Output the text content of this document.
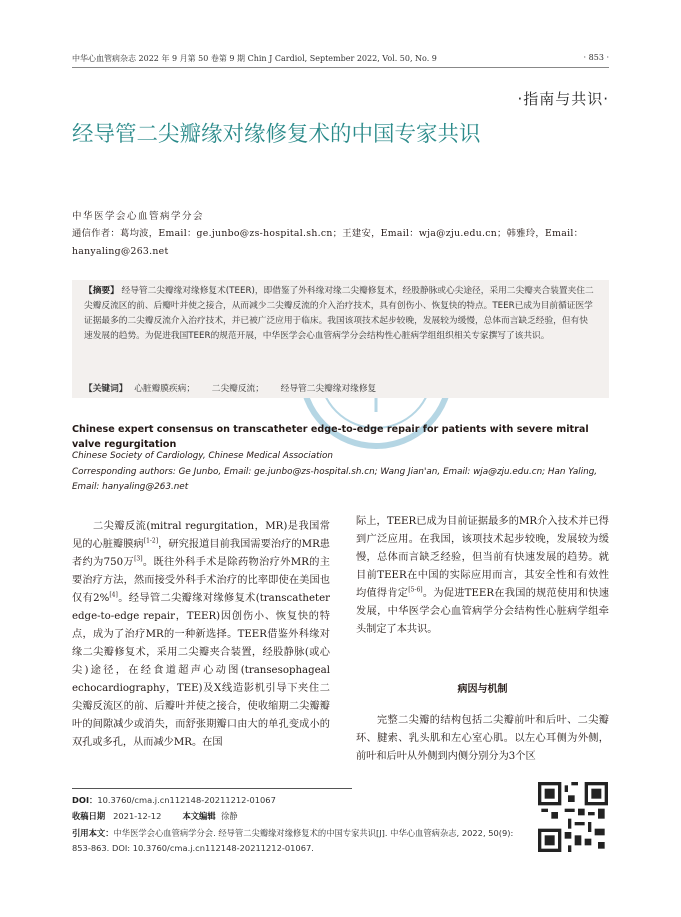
中华心血管病杂志 2022 年 9 月第 50 卷第 9 期 Chin J Cardiol, September 2022, Vol. 50, No. 9	· 853 ·
·指南与共识·
经导管二尖瓣缘对缘修复术的中国专家共识
中华医学会心血管病学分会
通信作者：葛均波，Email：ge.junbo@zs-hospital.sh.cn；王建安，Email：wja@zju.edu.cn；韩雅玲，Email：hanyaling@263.net
【摘要】 经导管二尖瓣缘对缘修复术(TEER)，即借鉴了外科缘对缘二尖瓣修复术，经股静脉或心尖途径，采用二尖瓣夹合装置夹住二尖瓣反流区的前、后瓣叶并使之接合，从而减少二尖瓣反流的介入治疗技术，具有创伤小、恢复快的特点。TEER已成为目前循证医学证据最多的二尖瓣反流介入治疗技术，并已被广泛应用于临床。我国该项技术起步较晚，发展较为缓慢，总体而言缺乏经验，但有快速发展的趋势。为促进我国TEER的规范开展，中华医学会心血管病学分会结构性心脏病学组组织相关专家撰写了该共识。
【关键词】 心脏瓣膜疾病； 二尖瓣反流； 经导管二尖瓣缘对缘修复
Chinese expert consensus on transcatheter edge-to-edge repair for patients with severe mitral valve regurgitation
Chinese Society of Cardiology, Chinese Medical Association
Corresponding authors: Ge Junbo, Email: ge.junbo@zs-hospital.sh.cn; Wang Jian'an, Email: wja@zju.edu.cn; Han Yaling, Email: hanyaling@263.net
二尖瓣反流(mitral regurgitation，MR)是我国常见的心脏瓣膜病[1-2]，研究报道目前我国需要治疗的MR患者约为750万[3]。既往外科手术是除药物治疗外MR的主要治疗方法，然而接受外科手术治疗的比率即使在美国也仅有2%[4]。经导管二尖瓣缘对缘修复术(transcatheter edge-to-edge repair，TEER)因创伤小、恢复快的特点，成为了治疗MR的一种新选择。TEER借鉴外科缘对缘二尖瓣修复术，采用二尖瓣夹合装置，经股静脉(或心尖)途径，在经食道超声心动图(transesophageal echocardiography，TEE)及X线造影机引导下夹住二尖瓣反流区的前、后瓣叶并使之接合，使收缩期二尖瓣瓣叶的间隙减少或消失，而舒张期瓣口由大的单孔变成小的双孔或多孔，从而减少MR。在国
际上，TEER已成为目前证据最多的MR介入技术并已得到广泛应用。在我国，该项技术起步较晚，发展较为缓慢，总体而言缺乏经验，但当前有快速发展的趋势。就目前TEER在中国的实际应用而言，其安全性和有效性均值得肯定[5-6]。为促进TEER在我国的规范使用和快速发展，中华医学会心血管病学分会结构性心脏病学组牵头制定了本共识。
病因与机制
完整二尖瓣的结构包括二尖瓣前叶和后叶、二尖瓣环、腱索、乳头肌和左心室心肌。以左心耳侧为外侧，前叶和后叶从外侧到内侧分别分为3个区
DOI：10.3760/cma.j.cn112148-20211212-01067
收稿日期 2021-12-12	本文编辑 徐静
引用本文：中华医学会心血管病学分会. 经导管二尖瓣缘对缘修复术的中国专家共识[J]. 中华心血管病杂志, 2022, 50(9): 853-863. DOI: 10.3760/cma.j.cn112148-20211212-01067.
